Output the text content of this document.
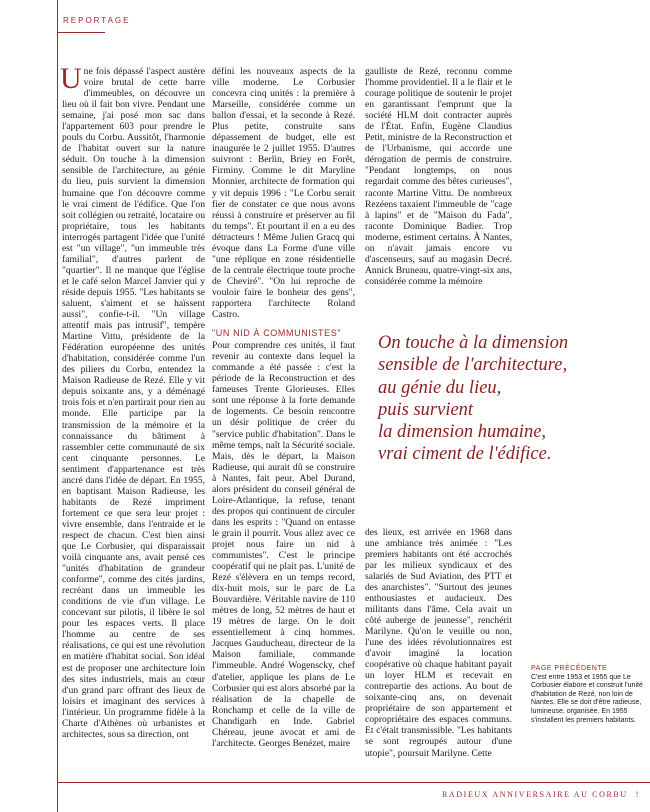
REPORTAGE

Une fois dépassé l'aspect austère voire brutal de cette barre d'immeubles, on découvre un lieu où il fait bon vivre. Pendant une semaine, j'ai posé mon sac dans l'appartement 603 pour prendre le pouls du Corbu. Aussitôt, l'harmonie de l'habitat ouvert sur la nature séduit. On touche à la dimension sensible de l'architecture, au génie du lieu, puis survient la dimension humaine que l'on découvre comme le vrai ciment de l'édifice. Que l'on soit collégien ou retraité, locataire ou propriétaire, tous les habitants interrogés partagent l'idée que l'unité est "un village", "un immeuble très familial", d'autres parlent de "quartier". Il ne manque que l'église et le café selon Marcel Janvier qui y réside depuis 1955. "Les habitants se saluent, s'aiment et se haïssent aussi", confie-t-il. "Un village attentif mais pas intrusif", tempère Martine Vittu, présidente de la Fédération européenne des unités d'habitation, considérée comme l'un des piliers du Corbu, entendez la Maison Radieuse de Rezé. Elle y vit depuis soixante ans, y a déménagé trois fois et n'en partirait pour rien au monde. Elle participe par la transmission de la mémoire et la connaissance du bâtiment à rassembler cette communauté de six cent cinquante personnes. Le sentiment d'appartenance est très ancré dans l'idée de départ. En 1955, en baptisant Maison Radieuse, les habitants de Rezé impriment fortement ce que sera leur projet : vivre ensemble, dans l'entraide et le respect de chacun. C'est bien ainsi que Le Corbusier, qui disparaissait voilà cinquante ans, avait pensé ces "unités d'habitation de grandeur conforme", comme des cités jardins, recréant dans un immeuble les conditions de vie d'un village. Le concevant sur pilotis, il libère le sol pour les espaces verts. Il place l'homme au centre de ses réalisations, ce qui est une révolution en matière d'habitat social. Son idéal est de proposer une architecture loin des sites industriels, mais au cœur d'un grand parc offrant des lieux de loisirs et imaginant des services à l'intérieur. Un programme fidèle à la Charte d'Athènes où urbanistes et architectes, sous sa direction, ont

défini les nouveaux aspects de la ville moderne. Le Corbusier concevra cinq unités : la première à Marseille, considérée comme un ballon d'essai, et la seconde à Rezé. Plus petite, construite sans dépassement de budget, elle est inaugurée le 2 juillet 1955. D'autres suivront : Berlin, Briey en Forêt, Firminy. Comme le dit Maryline Monnier, architecte de formation qui y vit depuis 1996 : "Le Corbu serait fier de constater ce que nous avons réussi à construire et préserver au fil du temps". Et pourtant il en a eu des détracteurs ! Même Julien Gracq qui évoque dans La Forme d'une ville "une réplique en zone résidentielle de la centrale électrique toute proche de Cheviré". "On lui reproche de vouloir faire le bonheur des gens", rapportera l'architecte Roland Castro.

"UN NID À COMMUNISTES"

Pour comprendre ces unités, il faut revenir au contexte dans lequel la commande a été passée : c'est la période de la Reconstruction et des fameuses Trente Glorieuses. Elles sont une réponse à la forte demande de logements. Ce besoin rencontre un désir politique de créer du "service public d'habitation". Dans le même temps, naît la Sécurité sociale. Mais, dès le départ, la Maison Radieuse, qui aurait dû se construire à Nantes, fait peur. Abel Durand, alors président du conseil général de Loire-Atlantique, la refuse, tenant des propos qui continuent de circuler dans les esprits : "Quand on entasse le grain il pourrit. Vous allez avec ce projet nous faire un nid à communistes". C'est le principe coopératif qui ne plait pas. L'unité de Rezé s'élèvera en un temps record, dix-huit mois, sur le parc de La Bouvardière. Véritable navire de 110 mètres de long, 52 mètres de haut et 19 mètres de large. On le doit essentiellement à cinq hommes. Jacques Gauducheau, directeur de la Maison familiale, commande l'immeuble. André Wogenscky, chef d'atelier, applique les plans de Le Corbusier qui est alors absorbé par la réalisation de la chapelle de Ronchamp et celle de la ville de Chandigarh en Inde. Gabriel Chéreau, jeune avocat et ami de l'architecte. Georges Benézet, maire

gaulliste de Rezé, reconnu comme l'homme providentiel. Il a le flair et le courage politique de soutenir le projet en garantissant l'emprunt que la société HLM doit contracter auprès de l'État. Enfin, Eugène Claudius Petit, ministre de la Reconstruction et de l'Urbanisme, qui accorde une dérogation de permis de construire. "Pendant longtemps, on nous regardait comme des bêtes curieuses", raconte Martine Vittu. De nombreux Rezéens taxaient l'immeuble de "cage à lapins" et de "Maison du Fada", raconte Dominique Badier. Trop moderne, estiment certains. À Nantes, on n'avait jamais encore vu d'ascenseurs, sauf au magasin Decré. Annick Bruneau, quatre-vingt-six ans, considérée comme la mémoire

On touche à la dimension
sensible de l'architecture,
au génie du lieu,
puis survient
la dimension humaine,
vrai ciment de l'édifice.

des lieux, est arrivée en 1968 dans une ambiance très animée : "Les premiers habitants ont été accrochés par les milieux syndicaux et des salariés de Sud Aviation, des PTT et des anarchistes". "Surtout des jeunes enthousiastes et audacieux. Des militants dans l'âme. Cela avait un côté auberge de jeunesse", renchérit Marilyne. Qu'on le veuille ou non, l'une des idées révolutionnaires est d'avoir imaginé la location coopérative où chaque habitant payait un loyer HLM et recevait en contrepartie des actions. Au bout de soixante-cinq ans, on devenait propriétaire de son appartement et copropriétaire des espaces communs. Et c'était transmissible. "Les habitants se sont regroupés autour d'une utopie", poursuit Marilyne. Cette

PAGE PRÉCÉDENTE
C'est entre 1953 et 1955 que Le Corbusier élabore et construit l'unité d'habitation de Rezé, non loin de Nantes. Elle se doit d'être radieuse, lumineuse, organisée. En 1955 s'installent les premiers habitants.
RADIEUX ANNIVERSAIRE AU CORBU !
